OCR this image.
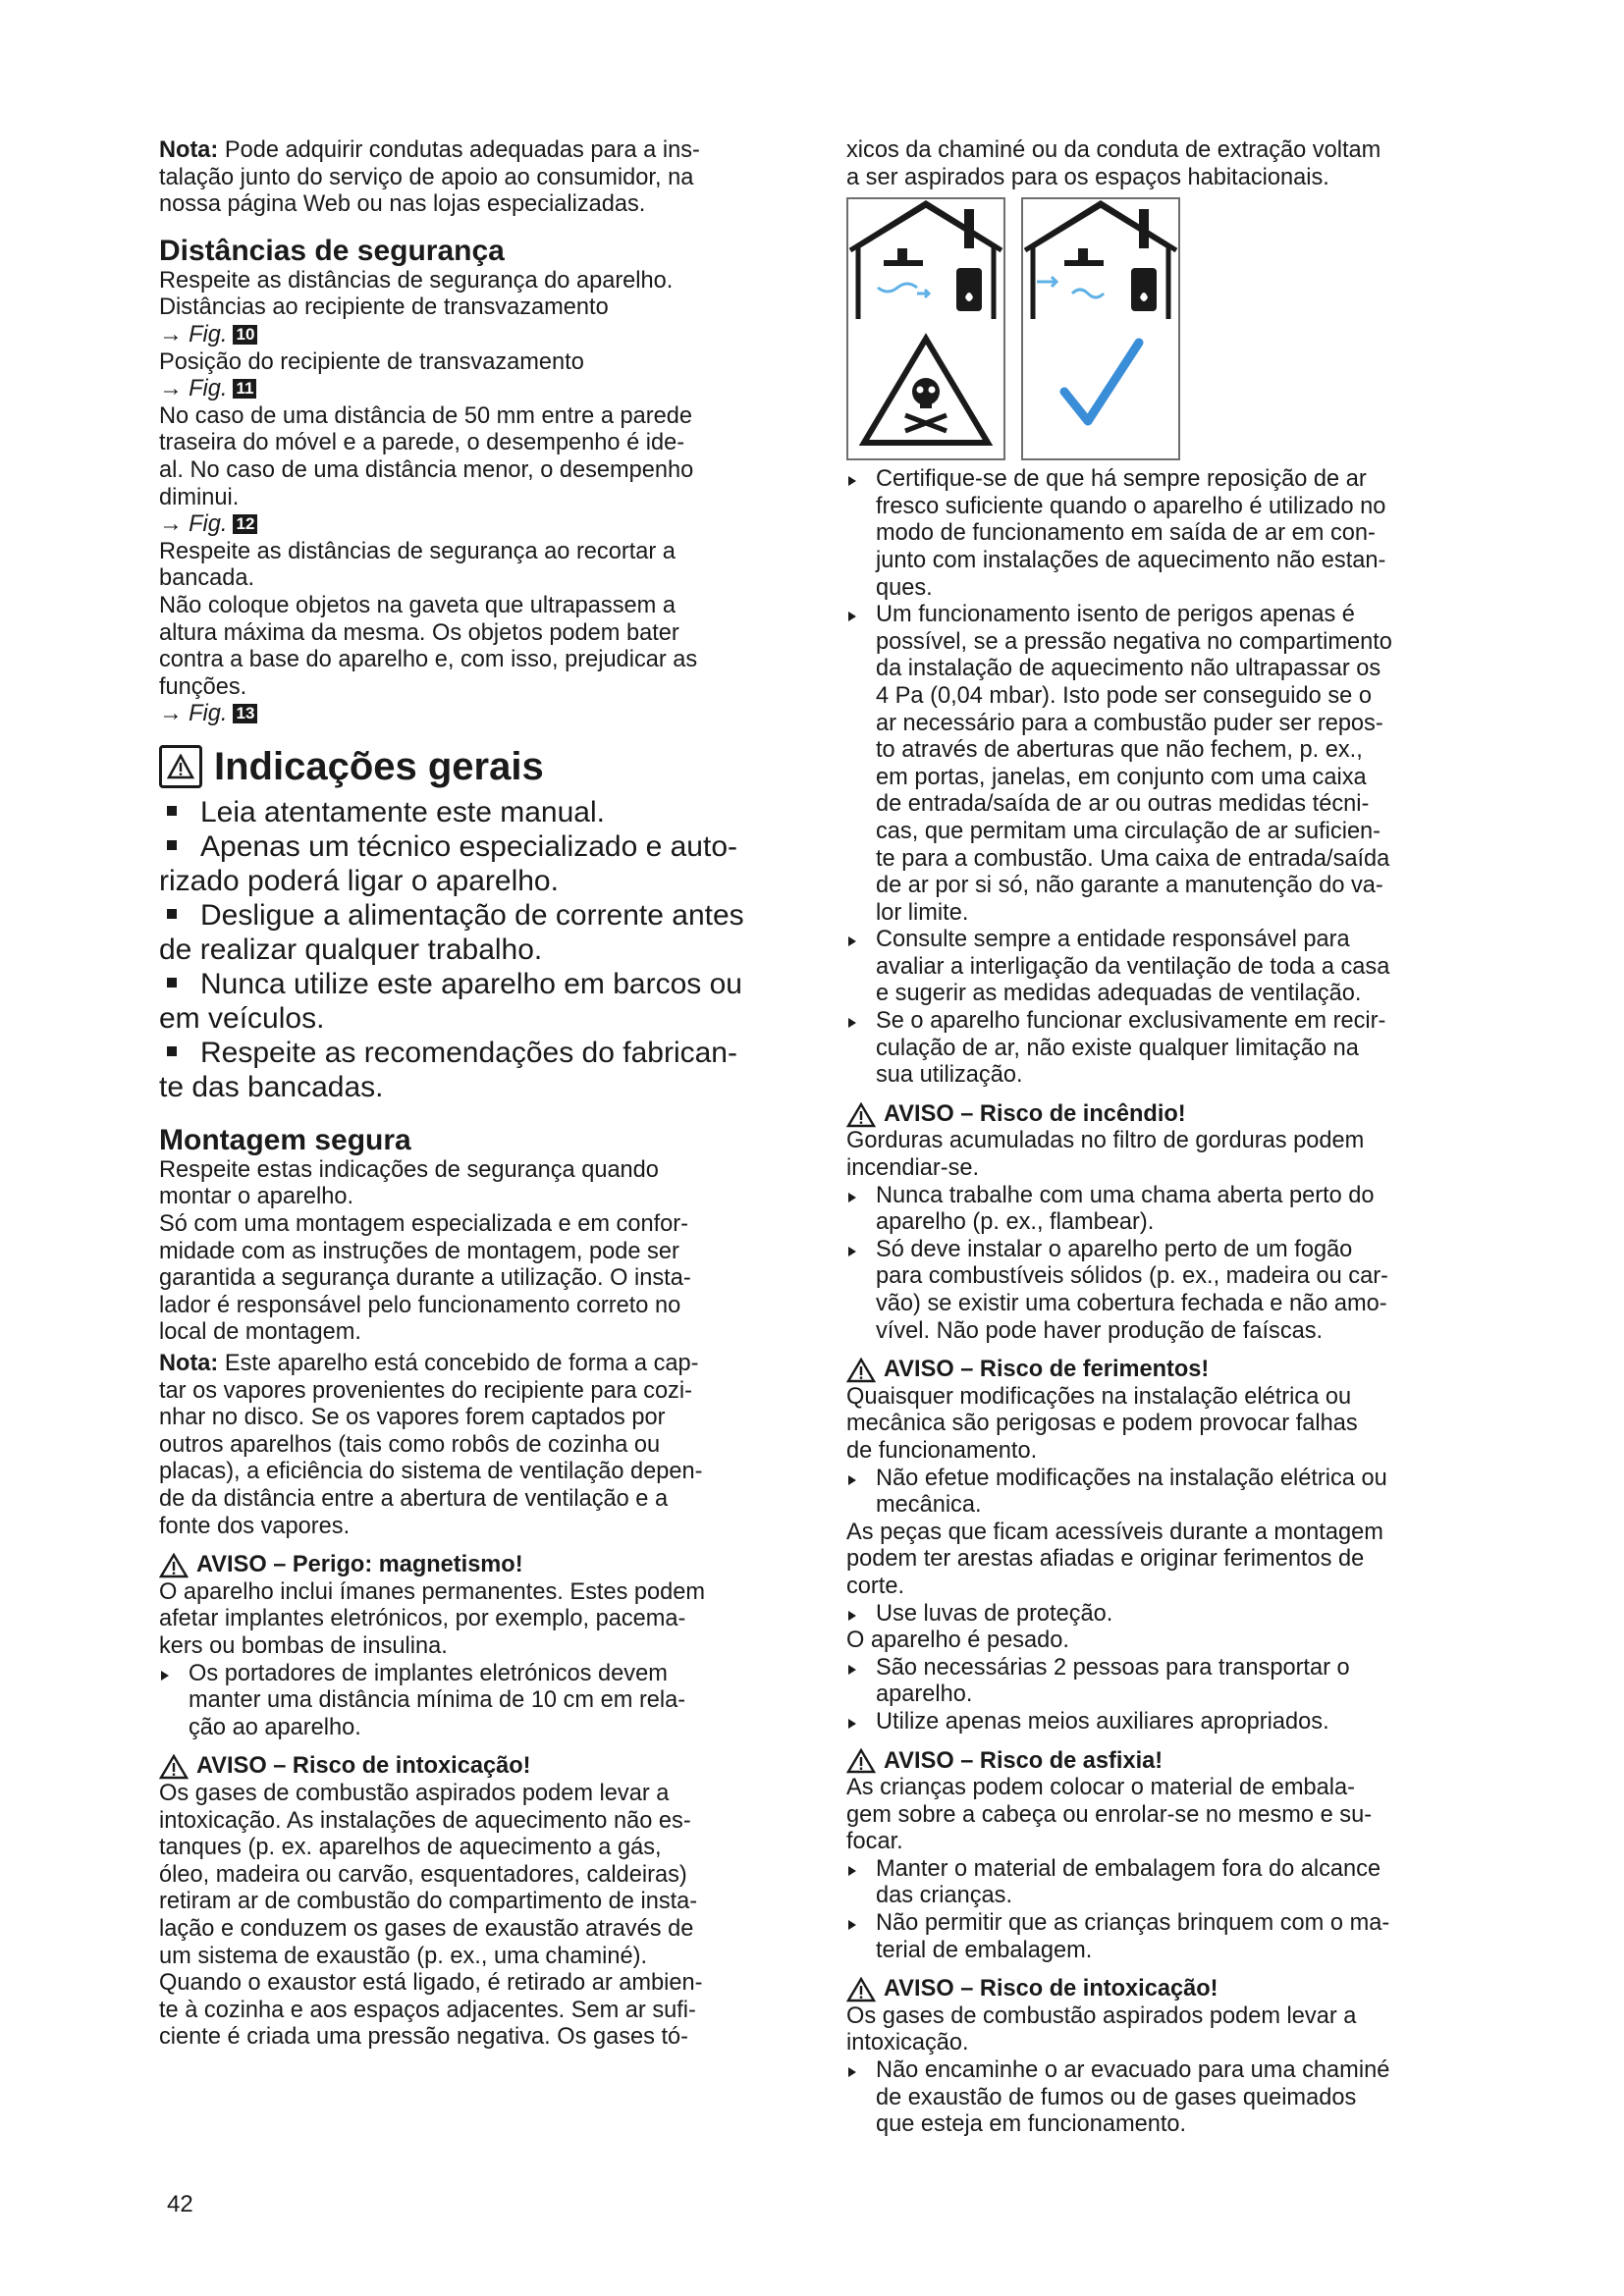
Nota: Pode adquirir condutas adequadas para a ins-
talação junto do serviço de apoio ao consumidor, na
nossa página Web ou nas lojas especializadas.
Distâncias de segurança
Respeite as distâncias de segurança do aparelho.
Distâncias ao recipiente de transvazamento
→ Fig. 10
Posição do recipiente de transvazamento
→ Fig. 11
No caso de uma distância de 50 mm entre a parede
traseira do móvel e a parede, o desempenho é ide-
al. No caso de uma distância menor, o desempenho
diminui.
→ Fig. 12
Respeite as distâncias de segurança ao recortar a
bancada.
Não coloque objetos na gaveta que ultrapassem a
altura máxima da mesma. Os objetos podem bater
contra a base do aparelho e, com isso, prejudicar as
funções.
→ Fig. 13
Indicações gerais
Leia atentamente este manual.
Apenas um técnico especializado e auto-
rizado poderá ligar o aparelho.
Desligue a alimentação de corrente antes
de realizar qualquer trabalho.
Nunca utilize este aparelho em barcos ou
em veículos.
Respeite as recomendações do fabrican-
te das bancadas.
Montagem segura
Respeite estas indicações de segurança quando
montar o aparelho.
Só com uma montagem especializada e em confor-
midade com as instruções de montagem, pode ser
garantida a segurança durante a utilização. O insta-
lador é responsável pelo funcionamento correto no
local de montagem.
Nota: Este aparelho está concebido de forma a cap-
tar os vapores provenientes do recipiente para cozi-
nhar no disco. Se os vapores forem captados por
outros aparelhos (tais como robôs de cozinha ou
placas), a eficiência do sistema de ventilação depen-
de da distância entre a abertura de ventilação e a
fonte dos vapores.
AVISO – Perigo: magnetismo!
O aparelho inclui ímanes permanentes. Estes podem
afetar implantes eletrónicos, por exemplo, pacema-
kers ou bombas de insulina.
Os portadores de implantes eletrónicos devem
manter uma distância mínima de 10 cm em rela-
ção ao aparelho.
AVISO – Risco de intoxicação!
Os gases de combustão aspirados podem levar a
intoxicação. As instalações de aquecimento não es-
tanques (p. ex. aparelhos de aquecimento a gás,
óleo, madeira ou carvão, esquentadores, caldeiras)
retiram ar de combustão do compartimento de insta-
lação e conduzem os gases de exaustão através de
um sistema de exaustão (p. ex., uma chaminé).
Quando o exaustor está ligado, é retirado ar ambien-
te à cozinha e aos espaços adjacentes. Sem ar sufi-
ciente é criada uma pressão negativa. Os gases tó-
xicos da chaminé ou da conduta de extração voltam
a ser aspirados para os espaços habitacionais.
Certifique-se de que há sempre reposição de ar
fresco suficiente quando o aparelho é utilizado no
modo de funcionamento em saída de ar em con-
junto com instalações de aquecimento não estan-
ques.
Um funcionamento isento de perigos apenas é
possível, se a pressão negativa no compartimento
da instalação de aquecimento não ultrapassar os
4 Pa (0,04 mbar). Isto pode ser conseguido se o
ar necessário para a combustão puder ser repos-
to através de aberturas que não fechem, p. ex.,
em portas, janelas, em conjunto com uma caixa
de entrada/saída de ar ou outras medidas técni-
cas, que permitam uma circulação de ar suficien-
te para a combustão. Uma caixa de entrada/saída
de ar por si só, não garante a manutenção do va-
lor limite.
Consulte sempre a entidade responsável para
avaliar a interligação da ventilação de toda a casa
e sugerir as medidas adequadas de ventilação.
Se o aparelho funcionar exclusivamente em recir-
culação de ar, não existe qualquer limitação na
sua utilização.
AVISO – Risco de incêndio!
Gorduras acumuladas no filtro de gorduras podem
incendiar-se.
Nunca trabalhe com uma chama aberta perto do
aparelho (p. ex., flambear).
Só deve instalar o aparelho perto de um fogão
para combustíveis sólidos (p. ex., madeira ou car-
vão) se existir uma cobertura fechada e não amo-
vível. Não pode haver produção de faíscas.
AVISO – Risco de ferimentos!
Quaisquer modificações na instalação elétrica ou
mecânica são perigosas e podem provocar falhas
de funcionamento.
Não efetue modificações na instalação elétrica ou
mecânica.
As peças que ficam acessíveis durante a montagem
podem ter arestas afiadas e originar ferimentos de
corte.
Use luvas de proteção.
O aparelho é pesado.
São necessárias 2 pessoas para transportar o
aparelho.
Utilize apenas meios auxiliares apropriados.
AVISO – Risco de asfixia!
As crianças podem colocar o material de embala-
gem sobre a cabeça ou enrolar-se no mesmo e su-
focar.
Manter o material de embalagem fora do alcance
das crianças.
Não permitir que as crianças brinquem com o ma-
terial de embalagem.
AVISO – Risco de intoxicação!
Os gases de combustão aspirados podem levar a
intoxicação.
Não encaminhe o ar evacuado para uma chaminé
de exaustão de fumos ou de gases queimados
que esteja em funcionamento.
42
